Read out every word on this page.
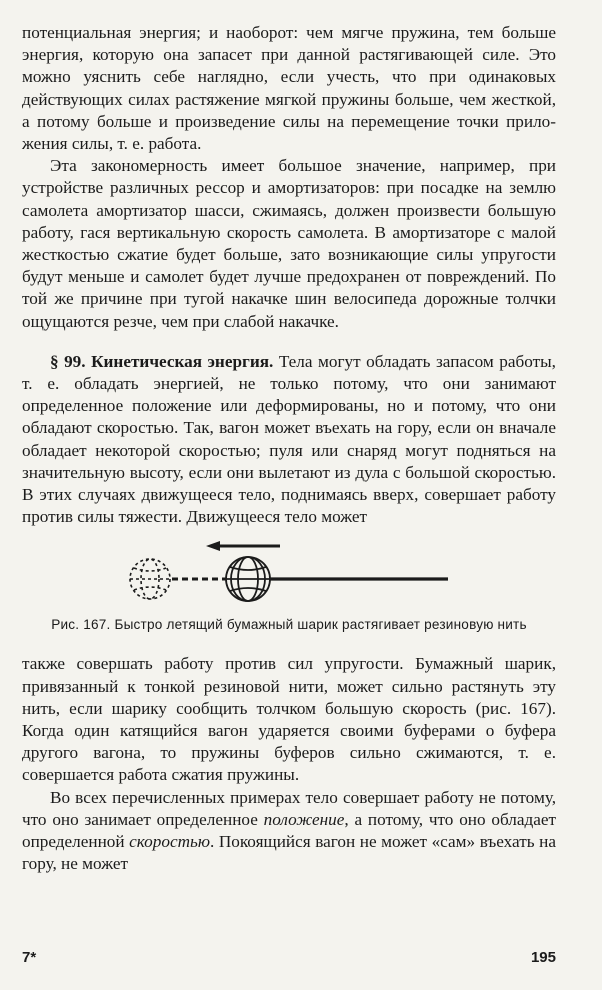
потенциальная энергия; и наоборот: чем мягче пружина, тем больше энергия, которую она запасет при данной растягивающей силе. Это можно уяснить себе наглядно, если учесть, что при одинаковых действующих силах растяжение мягкой пружины больше, чем жесткой, а потому больше и произведение силы на перемещение точки приложения силы, т. е. работа.

Эта закономерность имеет большое значение, например, при устройстве различных рессор и амортизаторов: при посадке на землю самолета амортизатор шасси, сжимаясь, должен произвести большую работу, гася вертикальную скорость самолета. В амортизаторе с малой жесткостью сжатие будет больше, зато возникающие силы упругости будут меньше и самолет будет лучше предохранен от повреждений. По той же причине при тугой накачке шин велосипеда дорожные толчки ощущаются резче, чем при слабой накачке.

§ 99. Кинетическая энергия. Тела могут обладать запасом работы, т. е. обладать энергией, не только потому, что они занимают определенное положение или деформированы, но и потому, что они обладают скоростью. Так, вагон может въехать на гору, если он вначале обладает некоторой скоростью; пуля или снаряд могут подняться на значительную высоту, если они вылетают из дула с большой скоростью. В этих случаях движущееся тело, поднимаясь вверх, совершает работу против силы тяжести. Движущееся тело может

Рис. 167. Быстро летящий бумажный шарик растягивает резиновую нить

также совершать работу против сил упругости. Бумажный шарик, привязанный к тонкой резиновой нити, может сильно растянуть эту нить, если шарику сообщить толчком большую скорость (рис. 167). Когда один катящийся вагон ударяется своими буферами о буфера другого вагона, то пружины буферов сильно сжимаются, т. е. совершается работа сжатия пружины.

Во всех перечисленных примерах тело совершает работу не потому, что оно занимает определенное положение, а потому, что оно обладает определенной скоростью. Покоящийся вагон не может «сам» въехать на гору, не может

7*	195
